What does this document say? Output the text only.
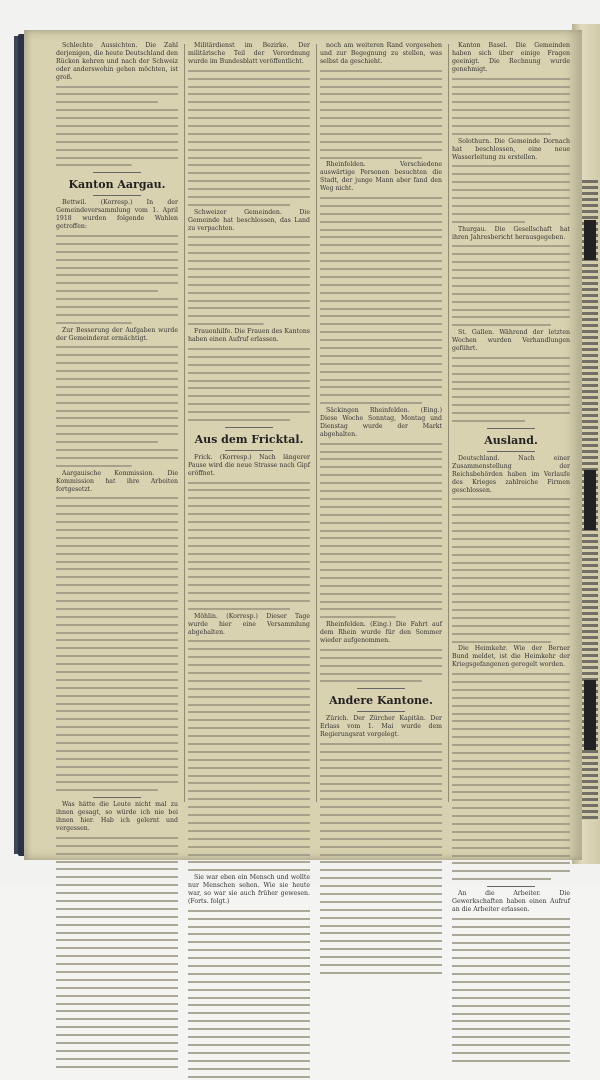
Schlechte Aussichten. Die Zahl derjenigen, die heute Deutschland den Rücken kehren und nach der Schweiz oder anderswohin gehen möchten, ist groß.

Kanton Aargau.

Bettwil. (Korresp.) In der Gemeindeversammlung vom 1. April 1918 wurden folgende Wahlen getroffen:

Zur Besserung der Aufgaben wurde der Gemeinderat ermächtigt.

Aargauische Kommission. Die Kommission hat ihre Arbeiten fortgesetzt.

Was hätte die Leute nicht mal zu ihnen gesagt, so würde ich nie bei ihnen hier. Hab ich gelernt und vergessen.

Militärdienst im Bezirke. Der militärische Teil der Verordnung wurde im Bundesblatt veröffentlicht.

Schweizer Gemeinden. Die Gemeinde hat beschlossen, das Land zu verpachten.

Frauenhilfe. Die Frauen des Kantons haben einen Aufruf erlassen.

Aus dem Fricktal.

Frick. (Korresp.) Nach längerer Pause wird die neue Strasse nach Gipf eröffnet.

Möhlin. (Korresp.) Dieser Tage wurde hier eine Versammlung abgehalten.

Sie war eben ein Mensch und wollte nur Menschen sehen. Wie sie heute war, so war sie auch früher gewesen. (Forts. folgt.)

noch am weiteren Rand vorgesehen und zur Begegnung zu stellen, was selbst da geschieht.

Rheinfelden. Verschiedene auswärtige Personen besuchten die Stadt, der junge Mann aber fand den Weg nicht.

Säckingen Rheinfelden. (Eing.) Diese Woche Sonntag, Montag und Dienstag wurde der Markt abgehalten.

Rheinfelden. (Eing.) Die Fahrt auf dem Rhein wurde für den Sommer wieder aufgenommen.

Andere Kantone.

Zürich. Der Zürcher Kapitän. Der Erlass vom 1. Mai wurde dem Regierungsrat vorgelegt.

Kanton Basel. Die Gemeinden haben sich über einige Fragen geeinigt. Die Rechnung wurde genehmigt.

Solothurn. Die Gemeinde Dornach hat beschlossen, eine neue Wasserleitung zu erstellen.

Thurgau. Die Gesellschaft hat ihren Jahresbericht herausgegeben.

St. Gallen. Während der letzten Wochen wurden Verhandlungen geführt.

Ausland.

Deutschland. Nach einer Zusammenstellung der Reichsbehörden haben im Verlaufe des Krieges zahlreiche Firmen geschlossen.

Die Heimkehr. Wie der Berner Bund meldet, ist die Heimkehr der Kriegsgefangenen geregelt worden.

An die Arbeiter. Die Gewerkschaften haben einen Aufruf an die Arbeiter erlassen.
